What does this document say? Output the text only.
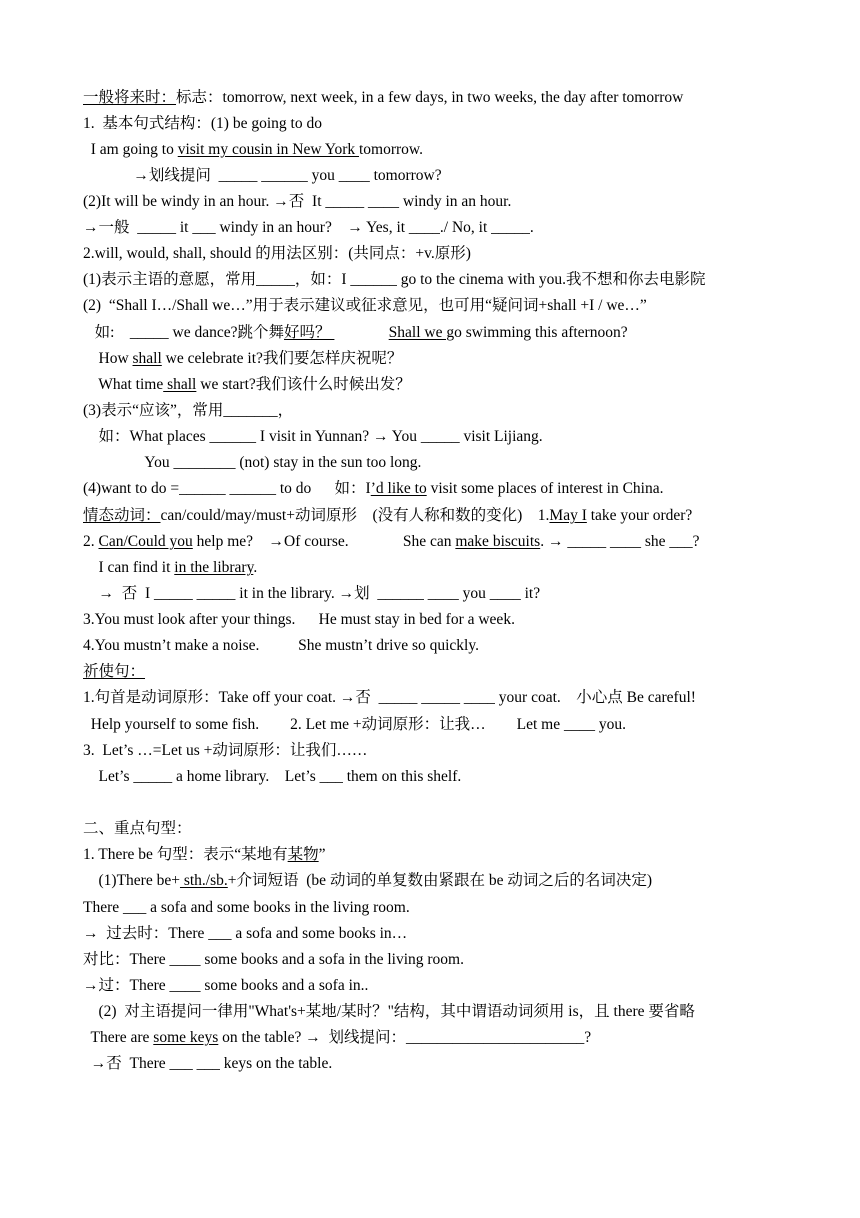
一般将来时：标志：tomorrow, next week, in a few days, in two weeks, the day after tomorrow
1.  基本句式结构：(1) be going to do
I am going to visit my cousin in New York tomorrow.
→划线提问  _____ ______ you ____ tomorrow?
(2)It will be windy in an hour. →否  It _____ ____ windy in an hour.
→一般  _____ it ___ windy in an hour?    → Yes, it ____./ No, it _____.
2.will, would, shall, should 的用法区别：(共同点：+v.原形)
(1)表示主语的意愿，常用_____，如：I ______ go to the cinema with you.我不想和你去电影院
(2)  “Shall I…/Shall we…”用于表示建议或征求意见，也可用“疑问词+shall +I / we…”
如:    _____ we dance?跳个舞好吗？	Shall we go swimming this afternoon?
How shall we celebrate it?我们要怎样庆祝呢？
What time shall we start?我们该什么时候出发？
(3)表示“应该”，常用_______，
如：What places ______ I visit in Yunnan? → You _____ visit Lijiang.
You ________ (not) stay in the sun too long.
(4)want to do =______ ______ to do      如：I’d like to visit some places of interest in China.
情态动词：can/could/may/must+动词原形    (没有人称和数的变化)    1.May I take your order?
2. Can/Could you help me?    →Of course.              She can make biscuits. → _____ ____ she ___?
I can find it in the library.
→  否  I _____ _____ it in the library. →划  ______ ____ you ____ it?
3.You must look after your things.      He must stay in bed for a week.
4.You mustn’t make a noise.          She mustn’t drive so quickly.
祈使句：
1.句首是动词原形：Take off your coat. →否  _____ _____ ____ your coat.    小心点 Be careful!
Help yourself to some fish.        2. Let me +动词原形：让我…        Let me ____ you.
3.  Let’s …=Let us +动词原形：让我们……
Let’s _____ a home library.    Let’s ___ them on this shelf.
二、重点句型：
1. There be 句型：表示“某地有某物”
(1)There be+ sth./sb.+介词短语  (be 动词的单复数由紧跟在 be 动词之后的名词决定)
There ___ a sofa and some books in the living room.
→  过去时：There ___ a sofa and some books in…
对比：There ____ some books and a sofa in the living room.
→过：There ____ some books and a sofa in..
(2)  对主语提问一律用"What's+某地/某时？"结构，其中谓语动词须用 is，且 there 要省略
There are some keys on the table? →  划线提问：_______________________?
→否  There ___ ___ keys on the table.
